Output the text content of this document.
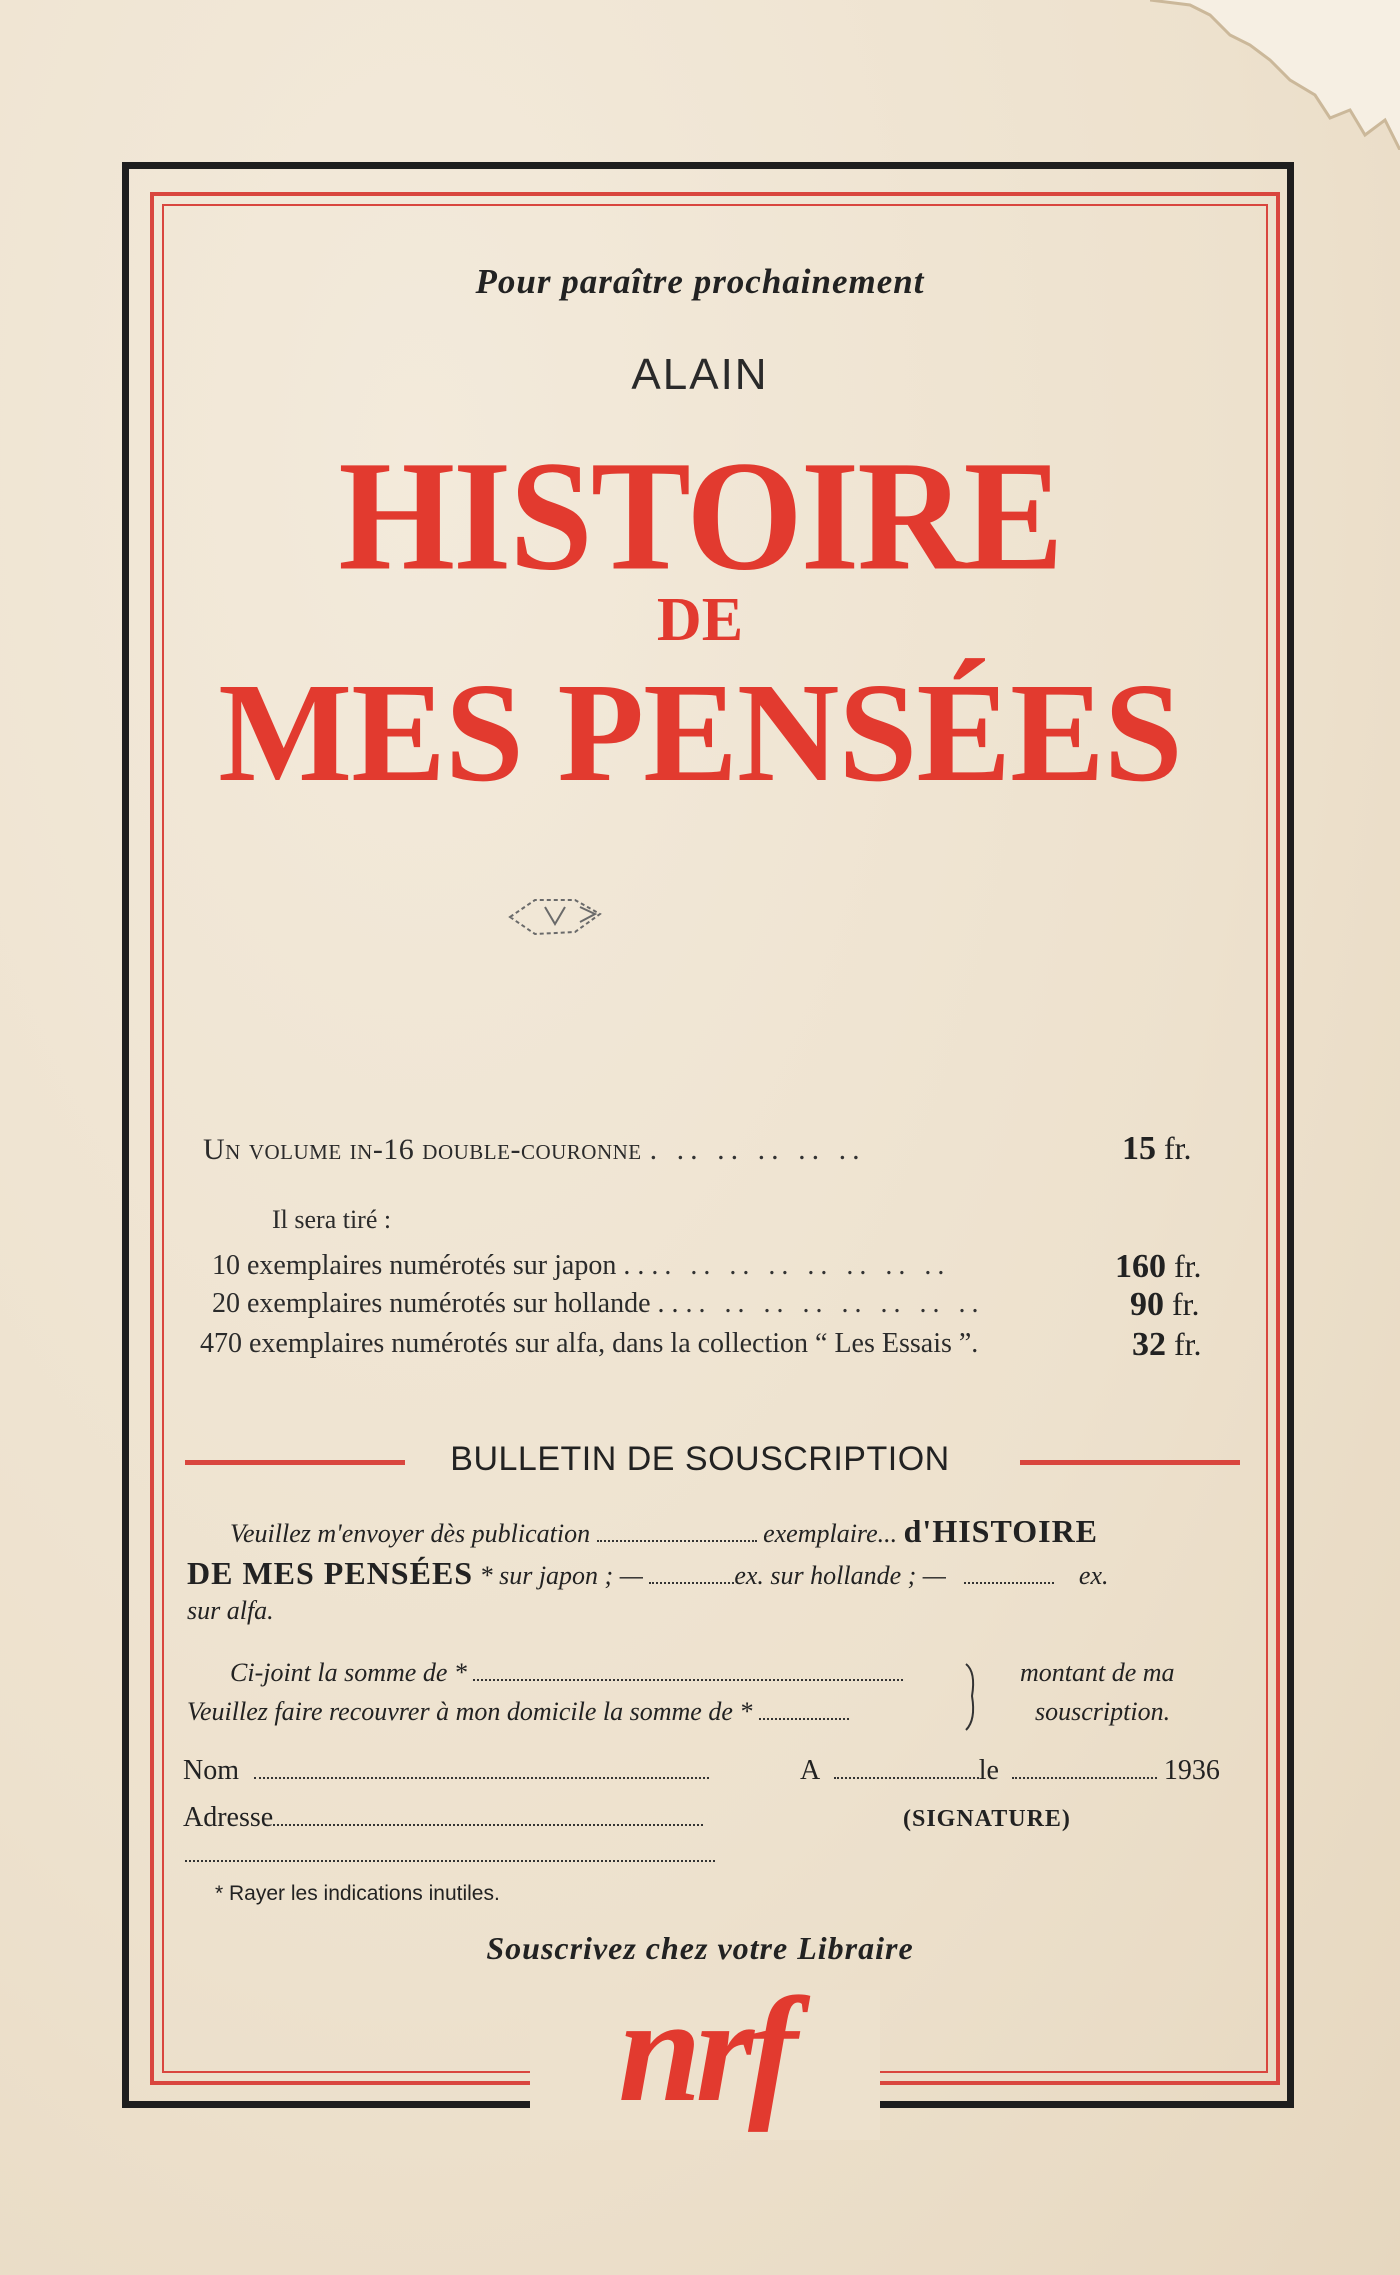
Pour paraître prochainement
ALAIN
HISTOIRE
DE
MES PENSÉES
Un volume in-16 double-couronne . .. .. .. .. ..	15 fr.
Il sera tiré :
10 exemplaires numérotés sur japon . . .. .. .. .. .. .. .. ..	160 fr.
20 exemplaires numérotés sur hollande . . .. .. .. .. .. .. .. ..	90 fr.
470 exemplaires numérotés sur alfa, dans la collection “ Les Essais ”.	32 fr.
BULLETIN DE SOUSCRIPTION
Veuillez m'envoyer dès publication	exemplaire... d'HISTOIRE
DE MES PENSÉES * sur japon ; —	ex. sur hollande ; —	ex.
sur alfa.
Ci-joint la somme de *
Veuillez faire recouvrer à mon domicile la somme de *
montant de ma
souscription.
Nom	A	le	1936
Adresse	(SIGNATURE)
* Rayer les indications inutiles.
Souscrivez chez votre Libraire
nrf
